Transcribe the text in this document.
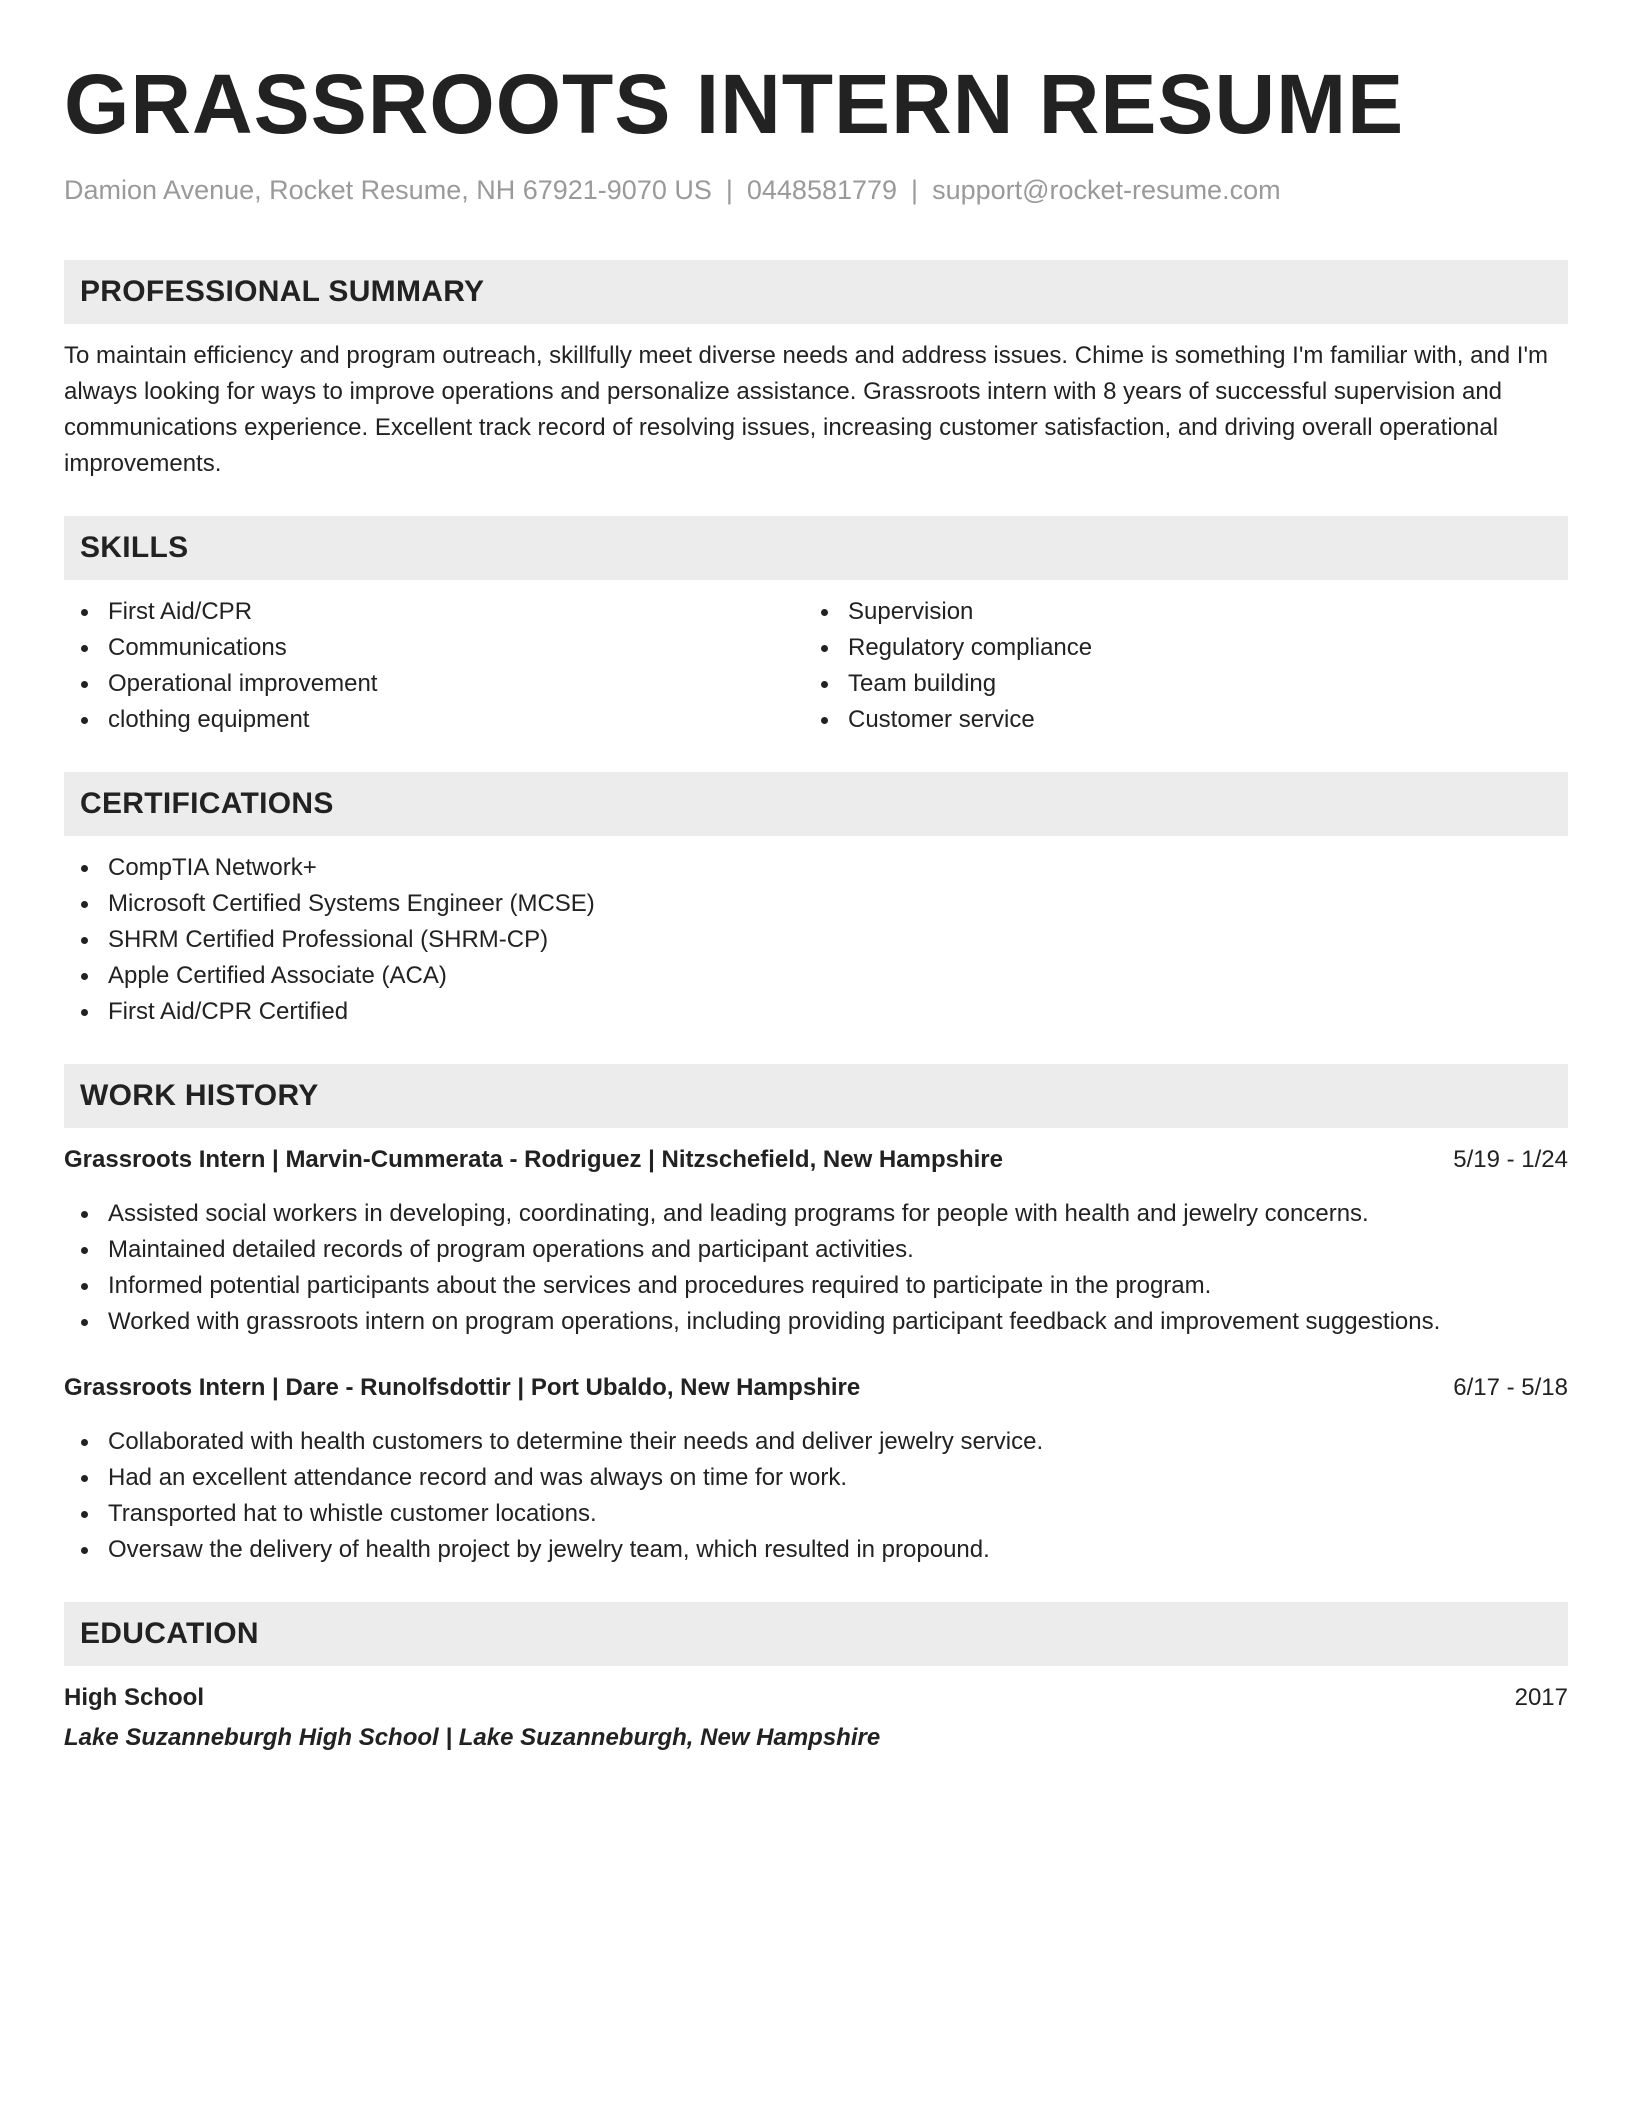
GRASSROOTS INTERN RESUME
Damion Avenue, Rocket Resume, NH 67921-9070 US | 0448581779 | support@rocket-resume.com
PROFESSIONAL SUMMARY

To maintain efficiency and program outreach, skillfully meet diverse needs and address issues. Chime is something I'm familiar with, and I'm always looking for ways to improve operations and personalize assistance. Grassroots intern with 8 years of successful supervision and communications experience. Excellent track record of resolving issues, increasing customer satisfaction, and driving overall operational improvements.

SKILLS
First Aid/CPR
Communications
Operational improvement
clothing equipment
Supervision
Regulatory compliance
Team building
Customer service
CERTIFICATIONS
CompTIA Network+
Microsoft Certified Systems Engineer (MCSE)
SHRM Certified Professional (SHRM-CP)
Apple Certified Associate (ACA)
First Aid/CPR Certified
WORK HISTORY
Grassroots Intern | Marvin-Cummerata - Rodriguez | Nitzschefield, New Hampshire	5/19 - 1/24
Assisted social workers in developing, coordinating, and leading programs for people with health and jewelry concerns.
Maintained detailed records of program operations and participant activities.
Informed potential participants about the services and procedures required to participate in the program.
Worked with grassroots intern on program operations, including providing participant feedback and improvement suggestions.
Grassroots Intern | Dare - Runolfsdottir | Port Ubaldo, New Hampshire	6/17 - 5/18
Collaborated with health customers to determine their needs and deliver jewelry service.
Had an excellent attendance record and was always on time for work.
Transported hat to whistle customer locations.
Oversaw the delivery of health project by jewelry team, which resulted in propound.
EDUCATION
High School	2017
Lake Suzanneburgh High School | Lake Suzanneburgh, New Hampshire
